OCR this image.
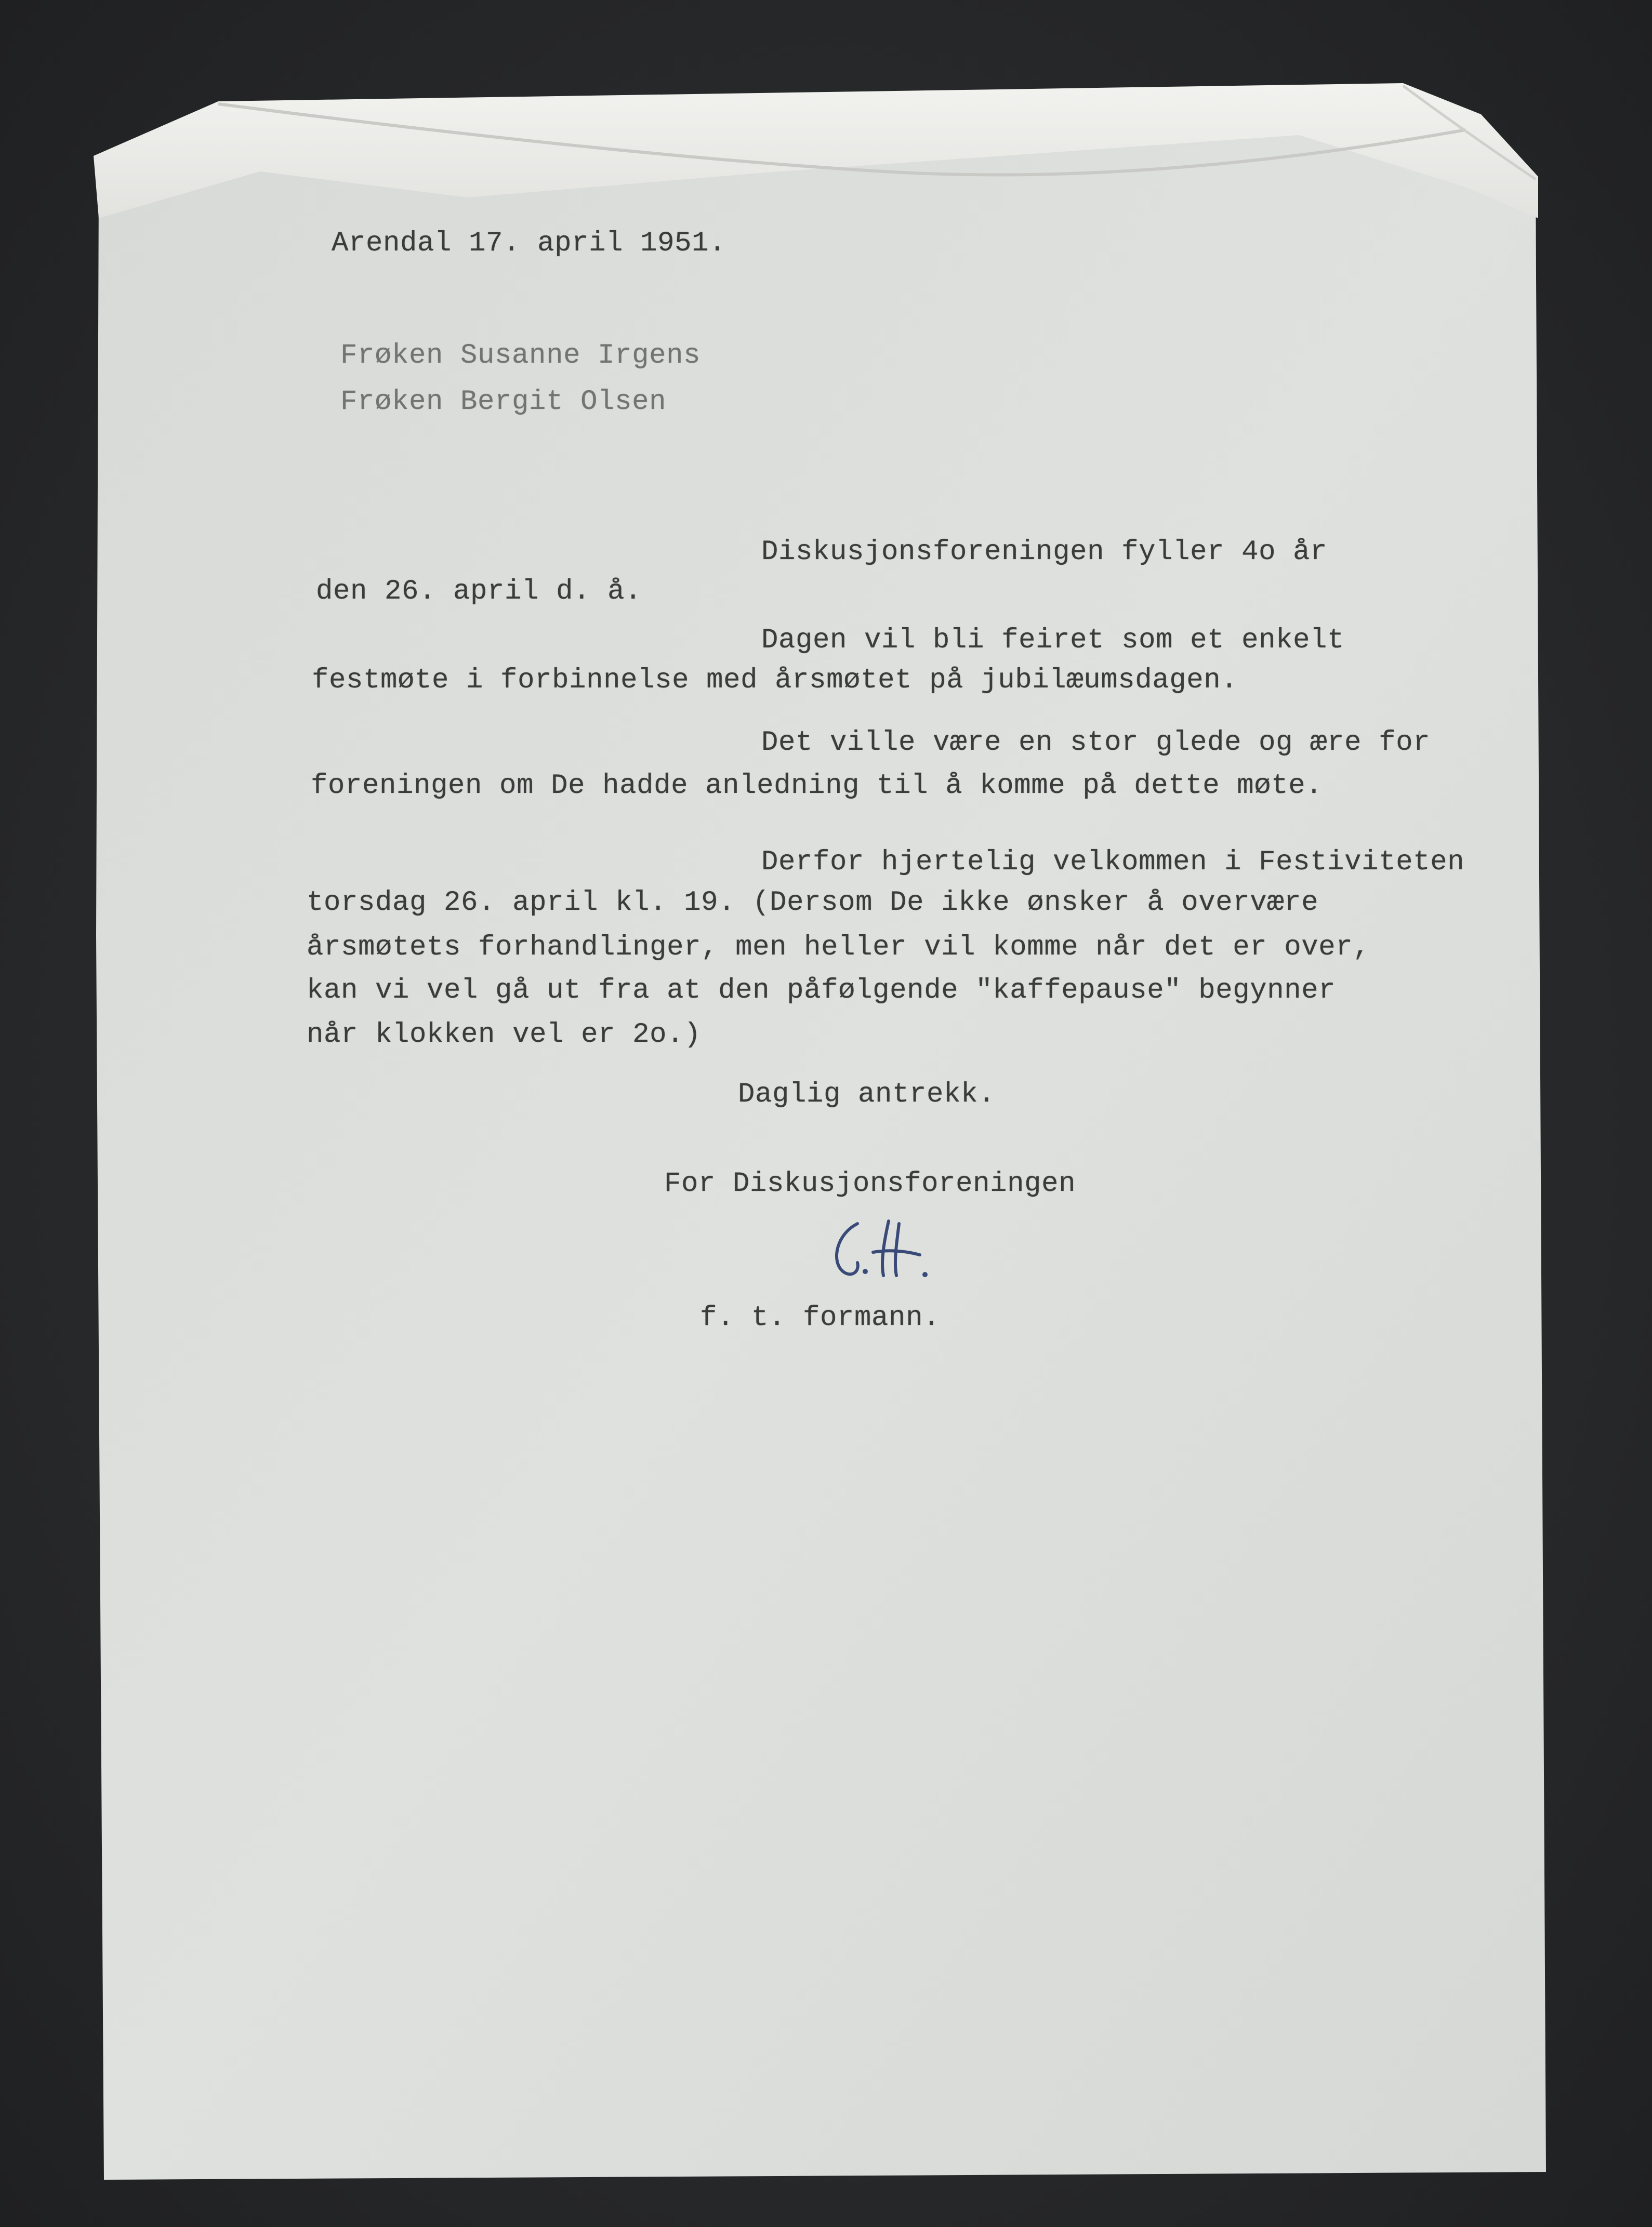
Arendal 17. april 1951.
Frøken Susanne Irgens
Frøken Bergit Olsen
Diskusjonsforeningen fyller 4o år
den 26. april d. å.
Dagen vil bli feiret som et enkelt
festmøte i forbinnelse med årsmøtet på jubilæumsdagen.
Det ville være en stor glede og ære for
foreningen om De hadde anledning til å komme på dette møte.
Derfor hjertelig velkommen i Festiviteten
torsdag 26. april kl. 19. (Dersom De ikke ønsker å overvære
årsmøtets forhandlinger, men heller vil komme når det er over,
kan vi vel gå ut fra at den påfølgende "kaffepause" begynner
når klokken vel er 2o.)
Daglig antrekk.
For Diskusjonsforeningen
f. t. formann.
